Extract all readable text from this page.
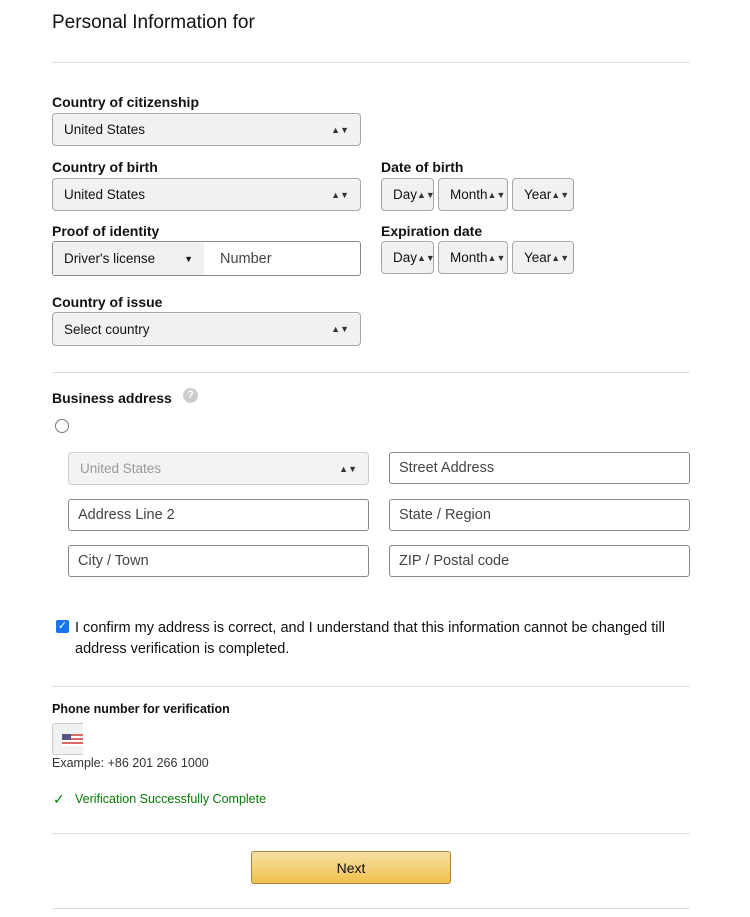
Personal Information for
Country of citizenship
United States	▲▼
Country of birth
United States	▲▼
Date of birth
Day ▲▼ Month ▲▼ Year ▲▼
Proof of identity
Driver's license	▼	Number
Expiration date
Day ▲▼ Month ▲▼ Year ▲▼
Country of issue
Select country	▲▼
Business address	?
United States	▲▼	Street Address
Address Line 2	State / Region
City / Town	ZIP / Postal code
✓ I confirm my address is correct, and I understand that this information cannot be changed till address verification is completed.
Phone number for verification
Example: +86 201 266 1000
✓ Verification Successfully Complete
Next
